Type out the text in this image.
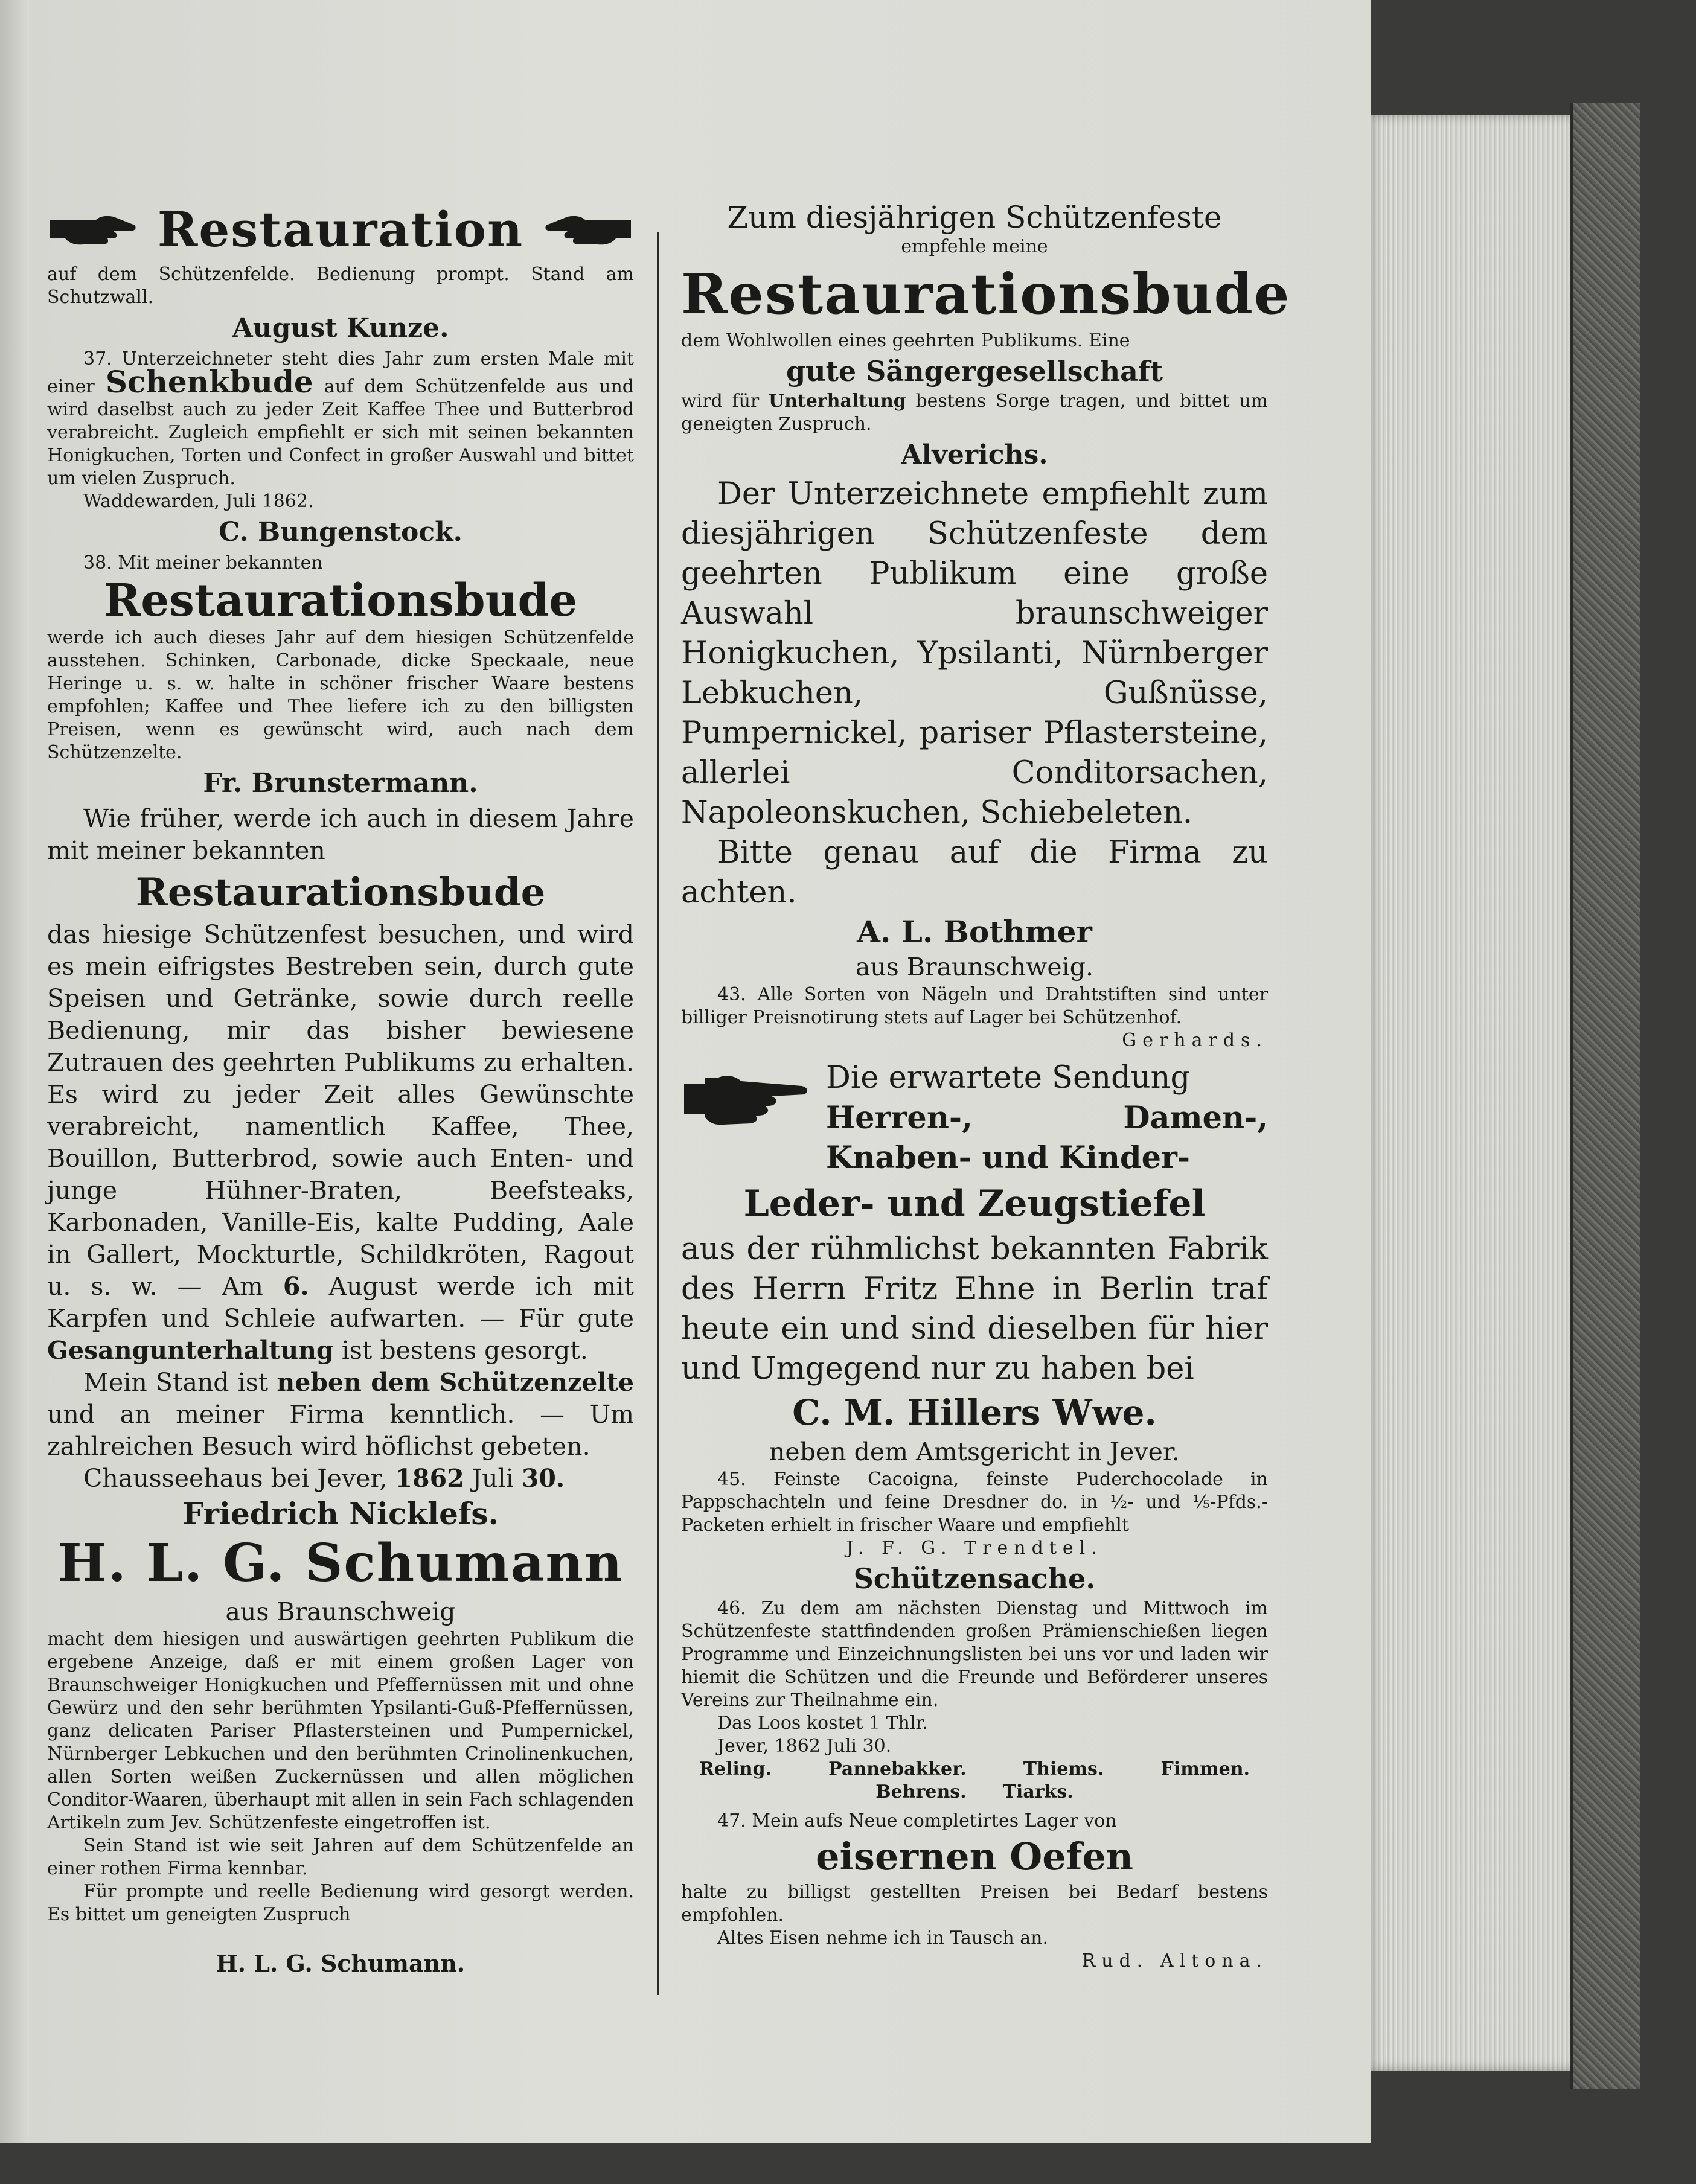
Restauration

auf dem Schützenfelde. Bedienung prompt. Stand am Schutzwall.

August Kunze.

37. Unterzeichneter steht dies Jahr zum ersten Male mit einer Schenkbude auf dem Schützenfelde aus und wird daselbst auch zu jeder Zeit Kaffee Thee und Butterbrod verabreicht. Zugleich empfiehlt er sich mit seinen bekannten Honigkuchen, Torten und Confect in großer Auswahl und bittet um vielen Zuspruch.

Waddewarden, Juli 1862.

C. Bungenstock.

38. Mit meiner bekannten

Restaurationsbude

werde ich auch dieses Jahr auf dem hiesigen Schützenfelde ausstehen. Schinken, Carbonade, dicke Speckaale, neue Heringe u. s. w. halte in schöner frischer Waare bestens empfohlen; Kaffee und Thee liefere ich zu den billigsten Preisen, wenn es gewünscht wird, auch nach dem Schützenzelte.

Fr. Brunstermann.

Wie früher, werde ich auch in diesem Jahre mit meiner bekannten

Restaurationsbude

das hiesige Schützenfest besuchen, und wird es mein eifrigstes Bestreben sein, durch gute Speisen und Getränke, sowie durch reelle Bedienung, mir das bisher bewiesene Zutrauen des geehrten Publikums zu erhalten. Es wird zu jeder Zeit alles Gewünschte verabreicht, namentlich Kaffee, Thee, Bouillon, Butterbrod, sowie auch Enten- und junge Hühner-Braten, Beefsteaks, Karbonaden, Vanille-Eis, kalte Pudding, Aale in Gallert, Mockturtle, Schildkröten, Ragout u. s. w. — Am 6. August werde ich mit Karpfen und Schleie aufwarten. — Für gute Gesangunterhaltung ist bestens gesorgt.

Mein Stand ist neben dem Schützenzelte und an meiner Firma kenntlich. — Um zahlreichen Besuch wird höflichst gebeten.

Chausseehaus bei Jever, 1862 Juli 30.

Friedrich Nicklefs.

H. L. G. Schumann

aus Braunschweig

macht dem hiesigen und auswärtigen geehrten Publikum die ergebene Anzeige, daß er mit einem großen Lager von Braunschweiger Honigkuchen und Pfeffernüssen mit und ohne Gewürz und den sehr berühmten Ypsilanti-Guß-Pfeffernüssen, ganz delicaten Pariser Pflastersteinen und Pumpernickel, Nürnberger Lebkuchen und den berühmten Crinolinenkuchen, allen Sorten weißen Zuckernüssen und allen möglichen Conditor-Waaren, überhaupt mit allen in sein Fach schlagenden Artikeln zum Jev. Schützenfeste eingetroffen ist.

Sein Stand ist wie seit Jahren auf dem Schützenfelde an einer rothen Firma kennbar.

Für prompte und reelle Bedienung wird gesorgt werden. Es bittet um geneigten Zuspruch

H. L. G. Schumann.

Zum diesjährigen Schützenfeste

empfehle meine

Restaurationsbude

dem Wohlwollen eines geehrten Publikums. Eine

gute Sängergesellschaft

wird für Unterhaltung bestens Sorge tragen, und bittet um geneigten Zuspruch.

Alverichs.

Der Unterzeichnete empfiehlt zum diesjährigen Schützenfeste dem geehrten Publikum eine große Auswahl braunschweiger Honigkuchen, Ypsilanti, Nürnberger Lebkuchen, Gußnüsse, Pumpernickel, pariser Pflastersteine, allerlei Conditorsachen, Napoleonskuchen, Schiebeleten.

Bitte genau auf die Firma zu achten.

A. L. Bothmer

aus Braunschweig.

43. Alle Sorten von Nägeln und Drahtstiften sind unter billiger Preisnotirung stets auf Lager bei Schützenhof.

Gerhards.

Die erwartete Sendung

Herren-, Damen-, Knaben- und Kinder-

Leder- und Zeugstiefel

aus der rühmlichst bekannten Fabrik des Herrn Fritz Ehne in Berlin traf heute ein und sind dieselben für hier und Umgegend nur zu haben bei

C. M. Hillers Wwe.

neben dem Amtsgericht in Jever.

45. Feinste Cacoigna, feinste Puderchocolade in Pappschachteln und feine Dresdner do. in ½- und ⅕-Pfds.-Packeten erhielt in frischer Waare und empfiehlt

J. F. G. Trendtel.

Schützensache.

46. Zu dem am nächsten Dienstag und Mittwoch im Schützenfeste stattfindenden großen Prämienschießen liegen Programme und Einzeichnungslisten bei uns vor und laden wir hiemit die Schützen und die Freunde und Beförderer unseres Vereins zur Theilnahme ein.

Das Loos kostet 1 Thlr.

Jever, 1862 Juli 30.

Reling.	Pannebakker.	Thiems.	Fimmen.
Behrens. Tiarks.

47. Mein aufs Neue completirtes Lager von

eisernen Oefen

halte zu billigst gestellten Preisen bei Bedarf bestens empfohlen.

Altes Eisen nehme ich in Tausch an.

Rud. Altona.
